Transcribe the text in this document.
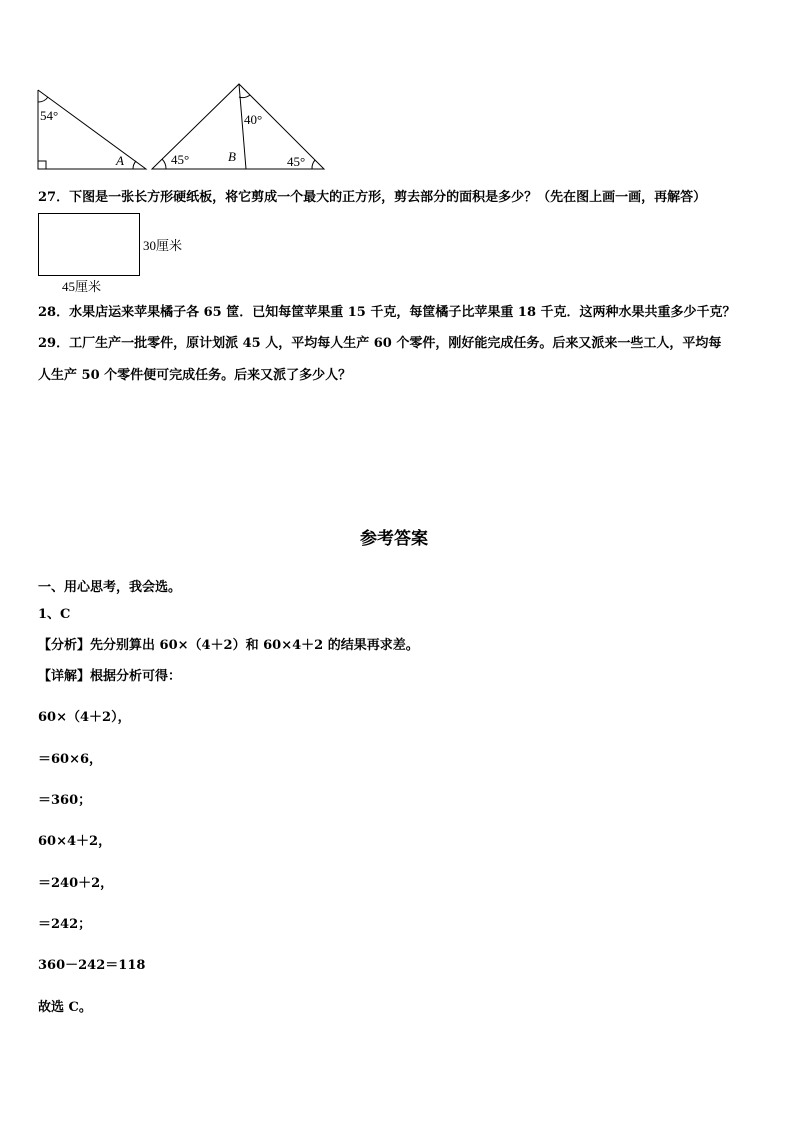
54°
A
40°
45°	45°
B
27．下图是一张长方形硬纸板，将它剪成一个最大的正方形，剪去部分的面积是多少？（先在图上画一画，再解答）
30厘米
45厘米
28．水果店运来苹果橘子各 65 筐．已知每筐苹果重 15 千克，每筐橘子比苹果重 18 千克．这两种水果共重多少千克？
29．工厂生产一批零件，原计划派 45 人，平均每人生产 60 个零件，刚好能完成任务。后来又派来一些工人，平均每
人生产 50 个零件便可完成任务。后来又派了多少人？
参考答案
一、用心思考，我会选。
1、C
【分析】先分别算出 60×（4＋2）和 60×4＋2 的结果再求差。
【详解】根据分析可得：
60×（4＋2），
＝60×6，
＝360；
60×4＋2，
＝240＋2，
＝242；
360－242＝118
故选 C。
